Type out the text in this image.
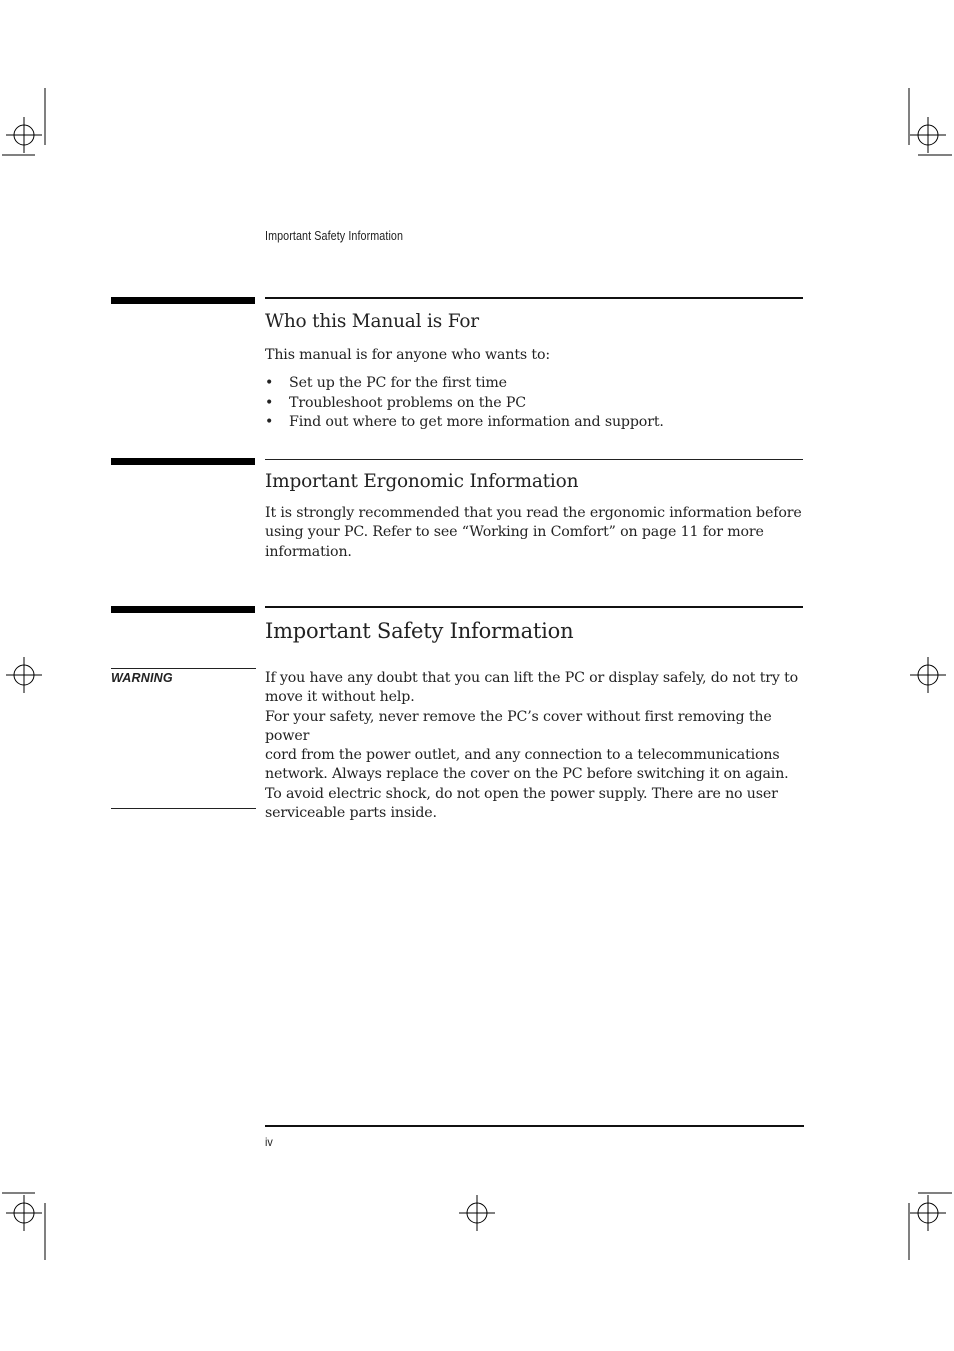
Important Safety Information
Who this Manual is For
This manual is for anyone who wants to:
• Set up the PC for the first time
• Troubleshoot problems on the PC
• Find out where to get more information and support.
Important Ergonomic Information
It is strongly recommended that you read the ergonomic information before
using your PC. Refer to see “Working in Comfort” on page 11 for more
information.
Important Safety Information
WARNING	If you have any doubt that you can lift the PC or display safely, do not try to

move it without help.

For your safety, never remove the PC’s cover without first removing the power

cord from the power outlet, and any connection to a telecommunications

network. Always replace the cover on the PC before switching it on again.

To avoid electric shock, do not open the power supply. There are no user

serviceable parts inside.

iv
